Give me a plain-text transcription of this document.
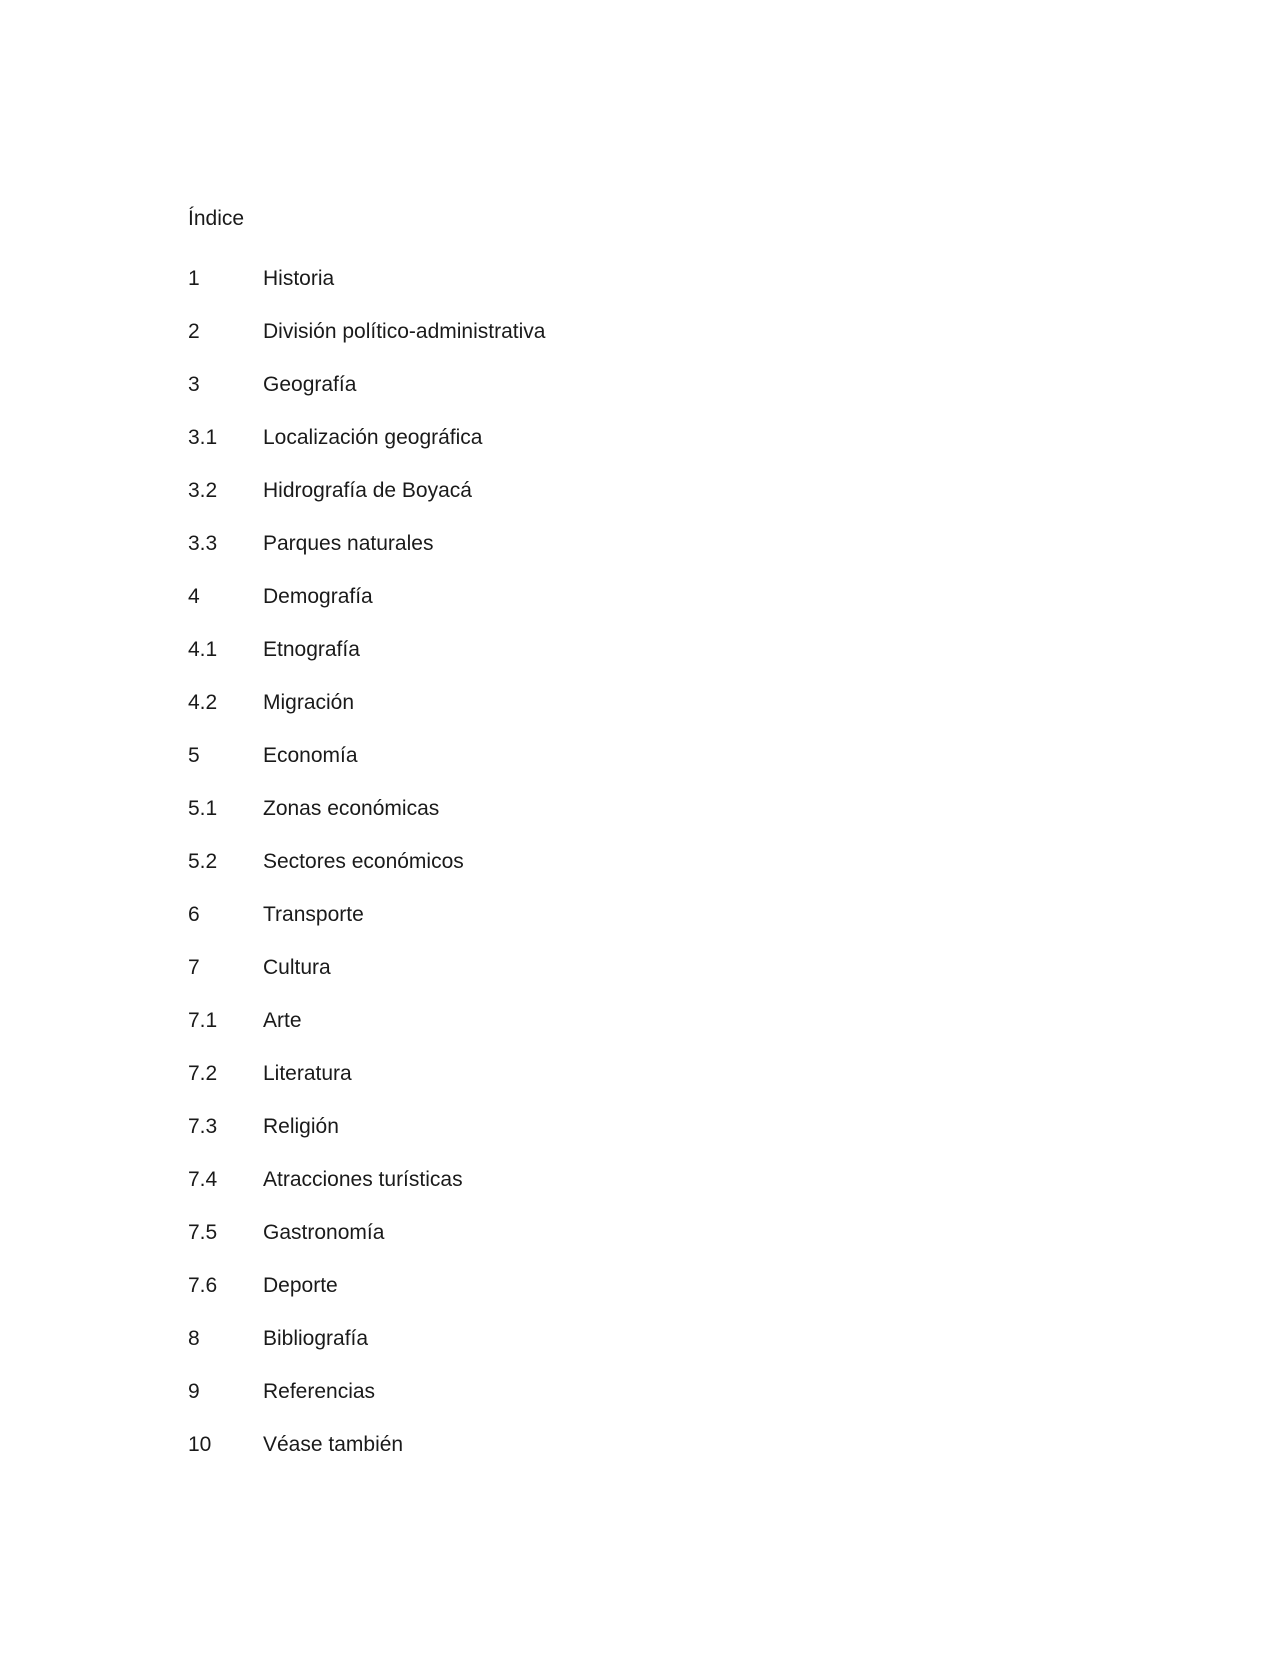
Índice
1	Historia
2	División político-administrativa
3	Geografía
3.1	Localización geográfica
3.2	Hidrografía de Boyacá
3.3	Parques naturales
4	Demografía
4.1	Etnografía
4.2	Migración
5	Economía
5.1	Zonas económicas
5.2	Sectores económicos
6	Transporte
7	Cultura
7.1	Arte
7.2	Literatura
7.3	Religión
7.4	Atracciones turísticas
7.5	Gastronomía
7.6	Deporte
8	Bibliografía
9	Referencias
10	Véase también
